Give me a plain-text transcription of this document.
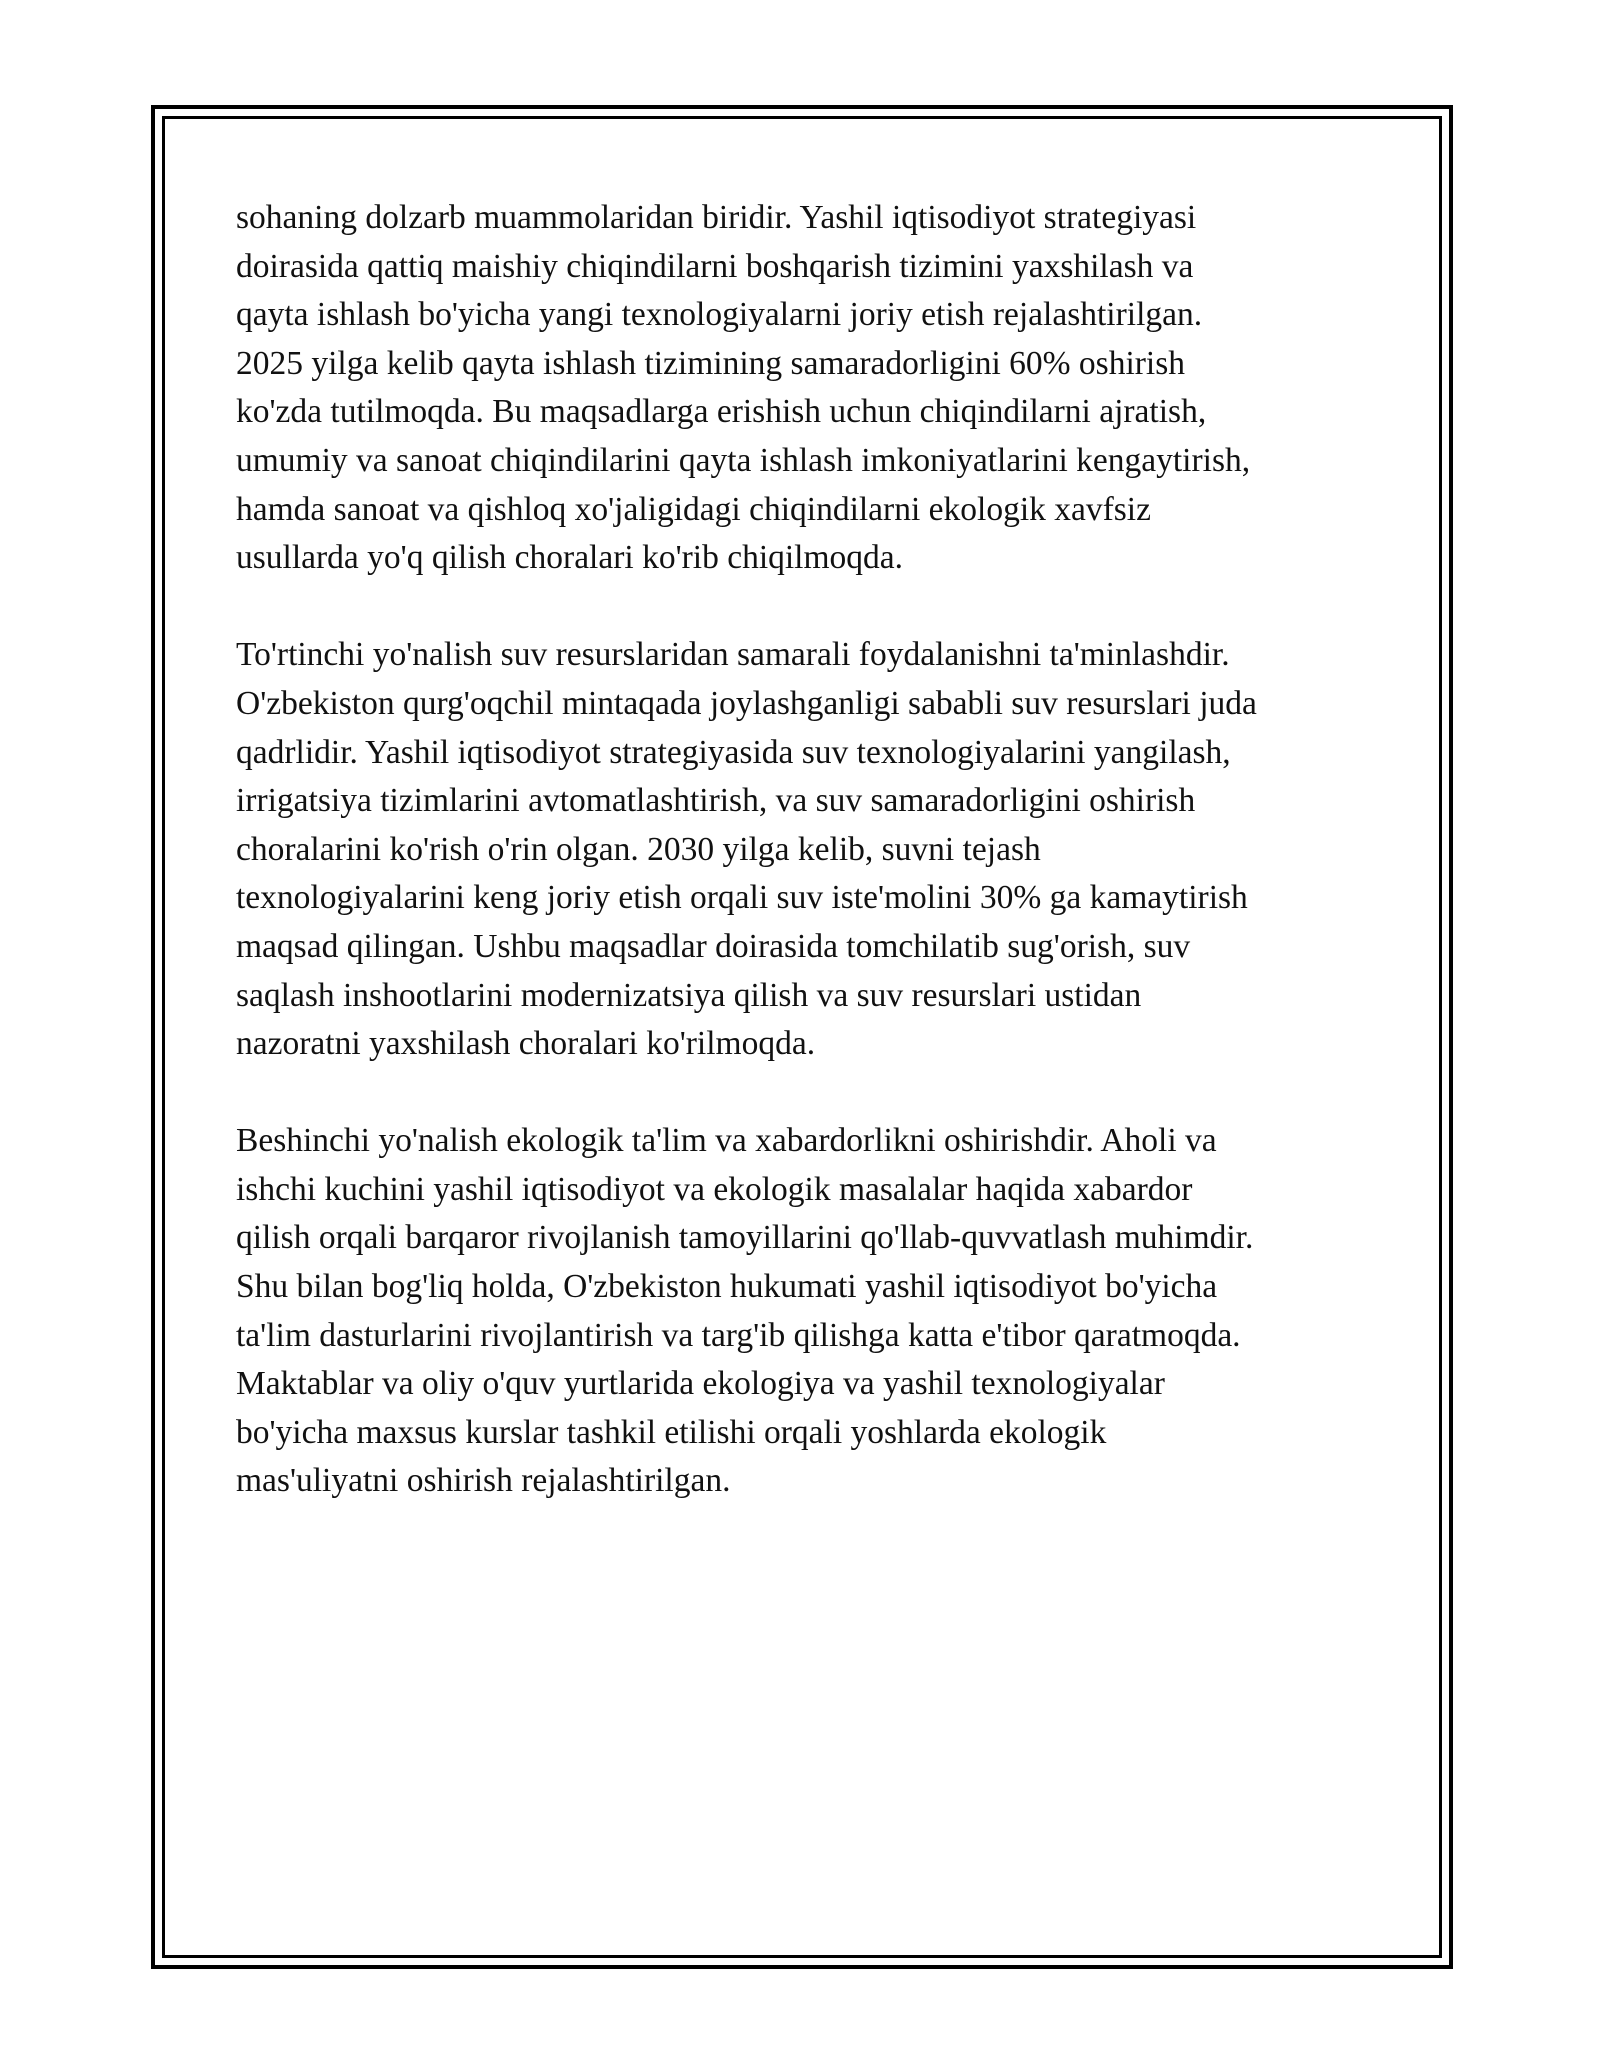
sohaning dolzarb muammolaridan biridir. Yashil iqtisodiyot strategiyasi
doirasida qattiq maishiy chiqindilarni boshqarish tizimini yaxshilash va
qayta ishlash bo'yicha yangi texnologiyalarni joriy etish rejalashtirilgan.
2025 yilga kelib qayta ishlash tizimining samaradorligini 60% oshirish
ko'zda tutilmoqda. Bu maqsadlarga erishish uchun chiqindilarni ajratish,
umumiy va sanoat chiqindilarini qayta ishlash imkoniyatlarini kengaytirish,
hamda sanoat va qishloq xo'jaligidagi chiqindilarni ekologik xavfsiz
usullarda yo'q qilish choralari ko'rib chiqilmoqda.

To'rtinchi yo'nalish suv resurslaridan samarali foydalanishni ta'minlashdir.
O'zbekiston qurg'oqchil mintaqada joylashganligi sababli suv resurslari juda
qadrlidir. Yashil iqtisodiyot strategiyasida suv texnologiyalarini yangilash,
irrigatsiya tizimlarini avtomatlashtirish, va suv samaradorligini oshirish
choralarini ko'rish o'rin olgan. 2030 yilga kelib, suvni tejash
texnologiyalarini keng joriy etish orqali suv iste'molini 30% ga kamaytirish
maqsad qilingan. Ushbu maqsadlar doirasida tomchilatib sug'orish, suv
saqlash inshootlarini modernizatsiya qilish va suv resurslari ustidan
nazoratni yaxshilash choralari ko'rilmoqda.

Beshinchi yo'nalish ekologik ta'lim va xabardorlikni oshirishdir. Aholi va
ishchi kuchini yashil iqtisodiyot va ekologik masalalar haqida xabardor
qilish orqali barqaror rivojlanish tamoyillarini qo'llab-quvvatlash muhimdir.
Shu bilan bog'liq holda, O'zbekiston hukumati yashil iqtisodiyot bo'yicha
ta'lim dasturlarini rivojlantirish va targ'ib qilishga katta e'tibor qaratmoqda.
Maktablar va oliy o'quv yurtlarida ekologiya va yashil texnologiyalar
bo'yicha maxsus kurslar tashkil etilishi orqali yoshlarda ekologik
mas'uliyatni oshirish rejalashtirilgan.
